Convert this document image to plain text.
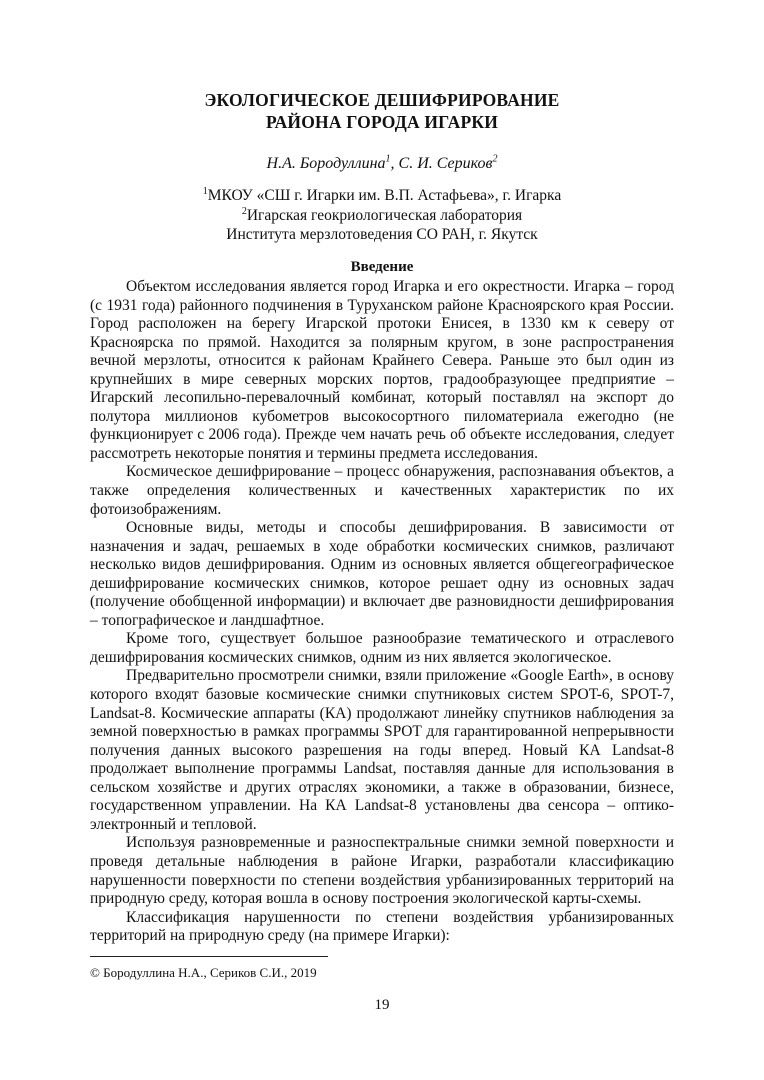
ЭКОЛОГИЧЕСКОЕ ДЕШИФРИРОВАНИЕ
РАЙОНА ГОРОДА ИГАРКИ
Н.А. Бородуллина$^1$, С. И. Сериков$^2$
$^1$МКОУ «СШ г. Игарки им. В.П. Астафьева», г. Игарка
$^2$Игарская геокриологическая лаборатория
Института мерзлотоведения СО РАН, г. Якутск
Введение

Объектом исследования является город Игарка и его окрестности. Игарка – город (с 1931 года) районного подчинения в Туруханском районе Красноярского края России. Город расположен на берегу Игарской протоки Енисея, в 1330 км к северу от Красноярска по прямой. Находится за полярным кругом, в зоне распространения вечной мерзлоты, относится к районам Крайнего Севера. Раньше это был один из крупнейших в мире северных морских портов, градообразующее предприятие – Игарский лесопильно-перевалочный комбинат, который поставлял на экспорт до полутора миллионов кубометров высокосортного пиломатериала ежегодно (не функционирует с 2006 года). Прежде чем начать речь об объекте исследования, следует рассмотреть некоторые понятия и термины предмета исследования.

Космическое дешифрирование – процесс обнаружения, распознавания объектов, а также определения количественных и качественных характеристик по их фотоизображениям.

Основные виды, методы и способы дешифрирования. В зависимости от назначения и задач, решаемых в ходе обработки космических снимков, различают несколько видов дешифрирования. Одним из основных является общегеографическое дешифрирование космических снимков, которое решает одну из основных задач (получение обобщенной информации) и включает две разновидности дешифрирования – топографическое и ландшафтное.

Кроме того, существует большое разнообразие тематического и отраслевого дешифрирования космических снимков, одним из них является экологическое.

Предварительно просмотрели снимки, взяли приложение «Google Earth», в основу которого входят базовые космические снимки спутниковых систем SPOT-6, SPOT-7, Landsat-8. Космические аппараты (КА) продолжают линейку спутников наблюдения за земной поверхностью в рамках программы SPOT для гарантированной непрерывности получения данных высокого разрешения на годы вперед. Новый КА Landsat-8 продолжает выполнение программы Landsat, поставляя данные для использования в сельском хозяйстве и других отраслях экономики, а также в образовании, бизнесе, государственном управлении. На КА Landsat-8 установлены два сенсора – оптико-электронный и тепловой.

Используя разновременные и разноспектральные снимки земной поверхности и проведя детальные наблюдения в районе Игарки, разработали классификацию нарушенности поверхности по степени воздействия урбанизированных территорий на природную среду, которая вошла в основу построения экологической карты-схемы.

Классификация нарушенности по степени воздействия урбанизированных территорий на природную среду (на примере Игарки):

© Бородуллина Н.А., Сериков С.И., 2019
19
